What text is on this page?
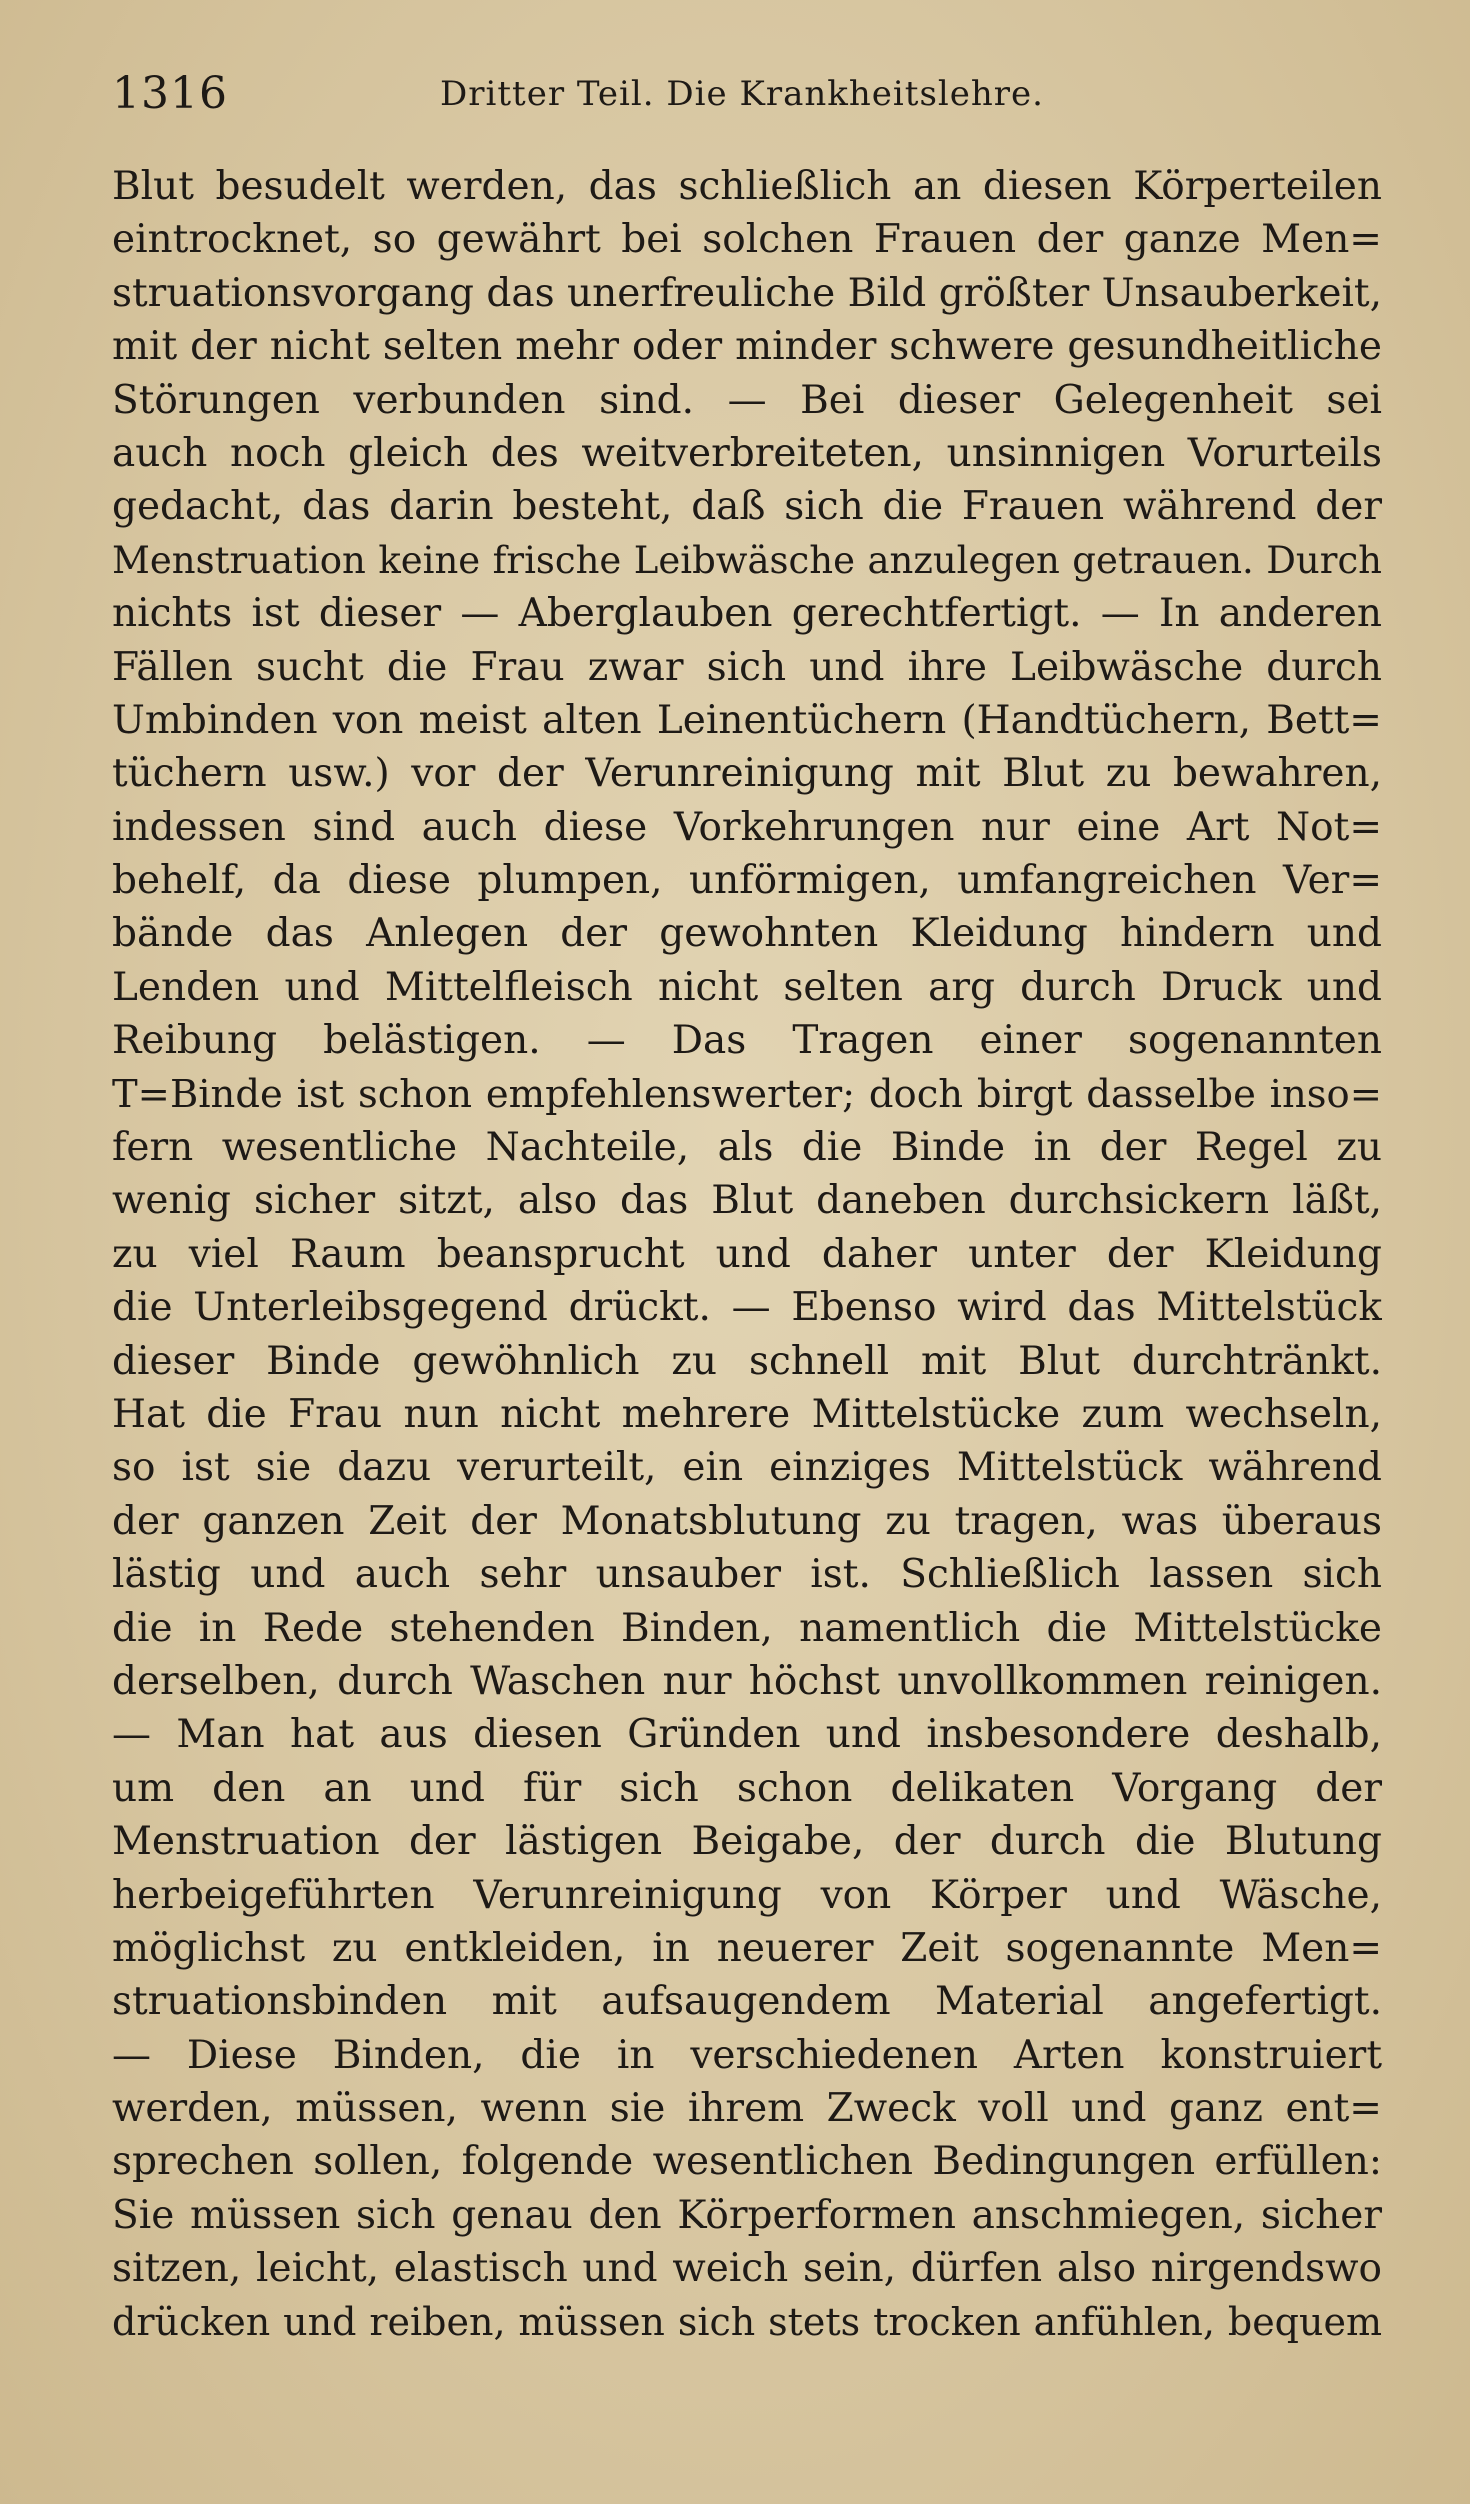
1316	Dritter Teil. Die Krankheitslehre.
Blut besudelt werden, das schließlich an diesen Körperteilen
eintrocknet, so gewährt bei solchen Frauen der ganze Men=
struationsvorgang das unerfreuliche Bild größter Unsauberkeit,
mit der nicht selten mehr oder minder schwere gesundheitliche
Störungen verbunden sind. — Bei dieser Gelegenheit sei
auch noch gleich des weitverbreiteten, unsinnigen Vorurteils
gedacht, das darin besteht, daß sich die Frauen während der
Menstruation keine frische Leibwäsche anzulegen getrauen. Durch
nichts ist dieser — Aberglauben gerechtfertigt. — In anderen
Fällen sucht die Frau zwar sich und ihre Leibwäsche durch
Umbinden von meist alten Leinentüchern (Handtüchern, Bett=
tüchern usw.) vor der Verunreinigung mit Blut zu bewahren,
indessen sind auch diese Vorkehrungen nur eine Art Not=
behelf, da diese plumpen, unförmigen, umfangreichen Ver=
bände das Anlegen der gewohnten Kleidung hindern und
Lenden und Mittelfleisch nicht selten arg durch Druck und
Reibung belästigen. — Das Tragen einer sogenannten
T=Binde ist schon empfehlenswerter; doch birgt dasselbe inso=
fern wesentliche Nachteile, als die Binde in der Regel zu
wenig sicher sitzt, also das Blut daneben durchsickern läßt,
zu viel Raum beansprucht und daher unter der Kleidung
die Unterleibsgegend drückt. — Ebenso wird das Mittelstück
dieser Binde gewöhnlich zu schnell mit Blut durchtränkt.
Hat die Frau nun nicht mehrere Mittelstücke zum wechseln,
so ist sie dazu verurteilt, ein einziges Mittelstück während
der ganzen Zeit der Monatsblutung zu tragen, was überaus
lästig und auch sehr unsauber ist. Schließlich lassen sich
die in Rede stehenden Binden, namentlich die Mittelstücke
derselben, durch Waschen nur höchst unvollkommen reinigen.
— Man hat aus diesen Gründen und insbesondere deshalb,
um den an und für sich schon delikaten Vorgang der
Menstruation der lästigen Beigabe, der durch die Blutung
herbeigeführten Verunreinigung von Körper und Wäsche,
möglichst zu entkleiden, in neuerer Zeit sogenannte Men=
struationsbinden mit aufsaugendem Material angefertigt.
— Diese Binden, die in verschiedenen Arten konstruiert
werden, müssen, wenn sie ihrem Zweck voll und ganz ent=
sprechen sollen, folgende wesentlichen Bedingungen erfüllen:
Sie müssen sich genau den Körperformen anschmiegen, sicher
sitzen, leicht, elastisch und weich sein, dürfen also nirgendswo
drücken und reiben, müssen sich stets trocken anfühlen, bequem
